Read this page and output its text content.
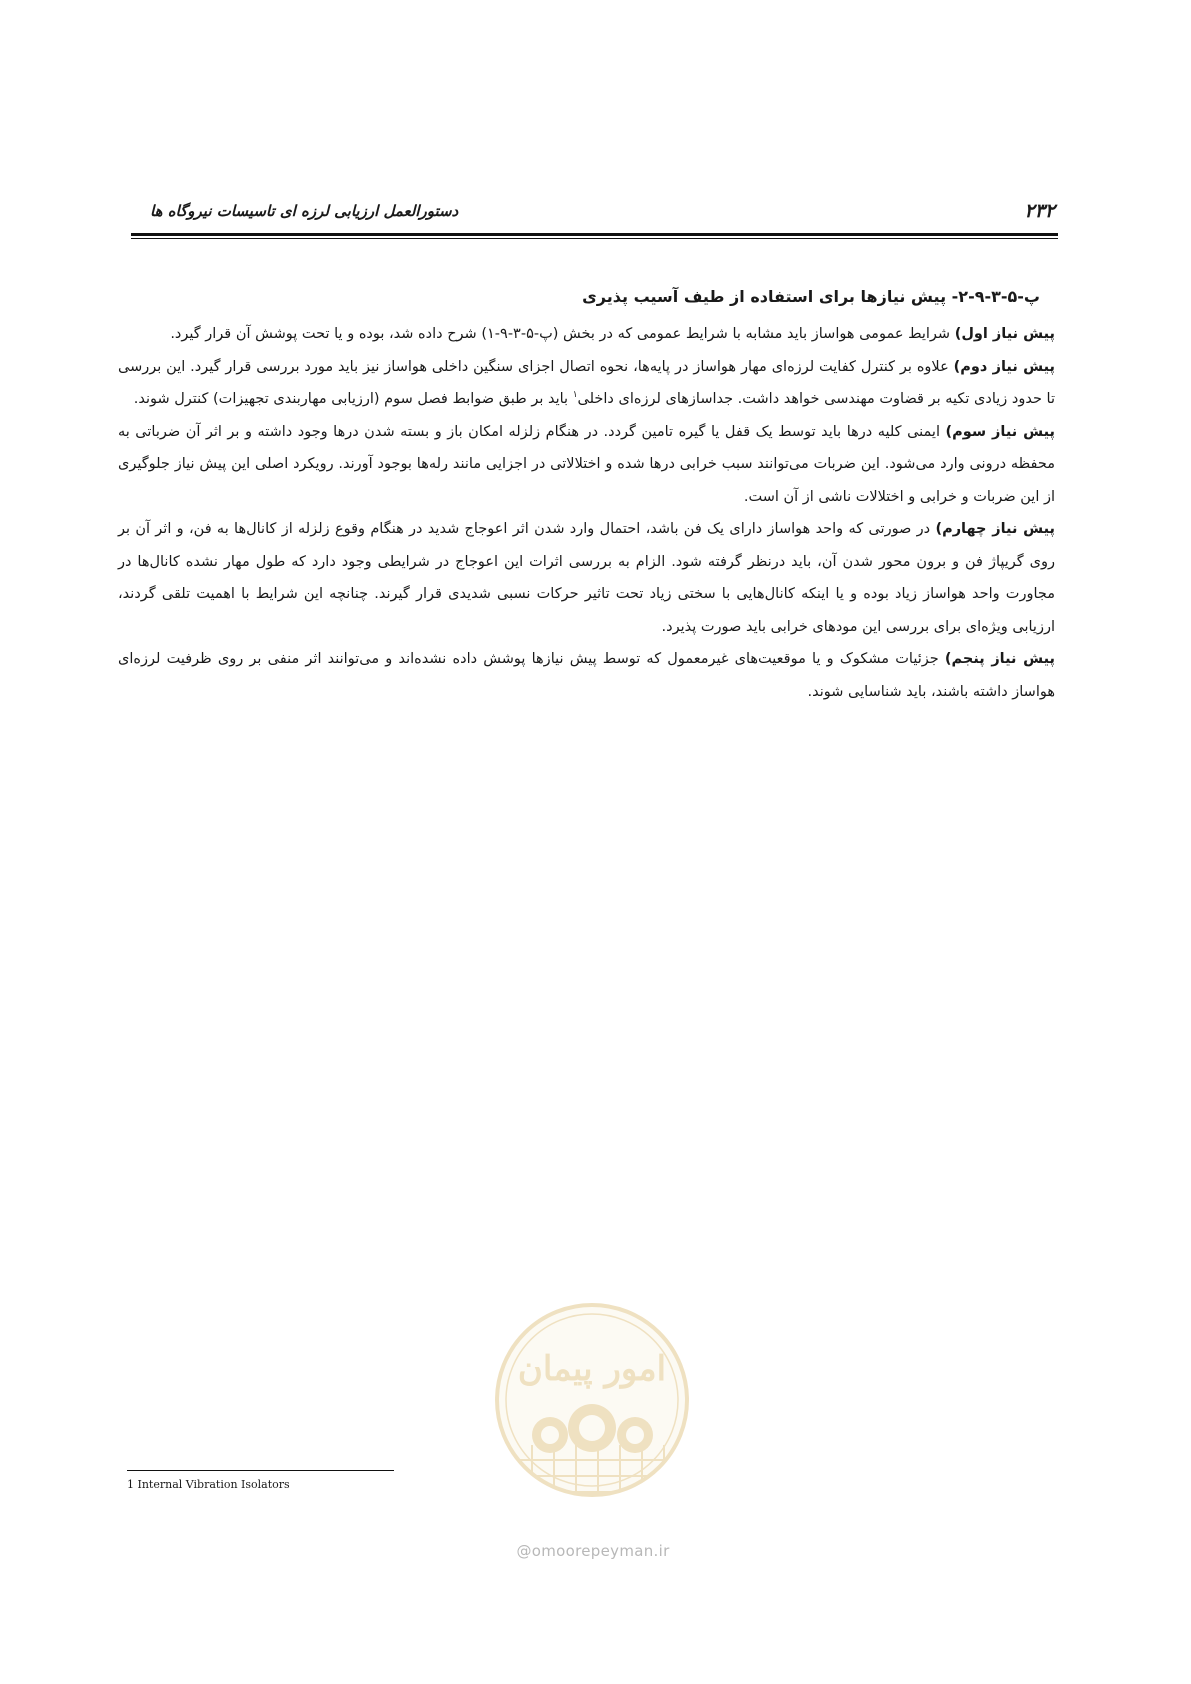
۲۳۲
دستورالعمل ارزیابی لرزه ای تاسیسات نیروگاه ها
پ-۵-۳-۹-۲- پیش نیازها برای استفاده از طیف آسیب پذیری

پیش نیاز اول) شرایط عمومی هواساز باید مشابه با شرایط عمومی که در بخش (پ-۵-۳-۹-۱) شرح داده شد، بوده و یا تحت پوشش آن قرار گیرد.

پیش نیاز دوم) علاوه بر کنترل کفایت لرزه‌ای مهار هواساز در پایه‌ها، نحوه اتصال اجزای سنگین داخلی هواساز نیز باید مورد بررسی قرار گیرد. این بررسی تا حدود زیادی تکیه بر قضاوت مهندسی خواهد داشت. جداسازهای لرزه‌ای داخلی$^۱$ باید بر طبق ضوابط فصل سوم (ارزیابی مهاربندی تجهیزات) کنترل شوند.

پیش نیاز سوم) ایمنی کلیه درها باید توسط یک قفل یا گیره تامین گردد. در هنگام زلزله امکان باز و بسته شدن درها وجود داشته و بر اثر آن ضرباتی به محفظه درونی وارد می‌شود. این ضربات می‌توانند سبب خرابی درها شده و اختلالاتی در اجزایی مانند رله‌ها بوجود آورند. رویکرد اصلی این پیش نیاز جلوگیری از این ضربات و خرابی و اختلالات ناشی از آن است.

پیش نیاز چهارم) در صورتی که واحد هواساز دارای یک فن باشد، احتمال وارد شدن اثر اعوجاج شدید در هنگام وقوع زلزله از کانال‌ها به فن، و اثر آن بر روی گریپاژ فن و برون محور شدن آن، باید درنظر گرفته شود. الزام به بررسی اثرات این اعوجاج در شرایطی وجود دارد که طول مهار نشده کانال‌ها در مجاورت واحد هواساز زیاد بوده و یا اینکه کانال‌هایی با سختی زیاد تحت تاثیر حرکات نسبی شدیدی قرار گیرند. چنانچه این شرایط با اهمیت تلقی گردند، ارزیابی ویژه‌ای برای بررسی این مودهای خرابی باید صورت پذیرد.

پیش نیاز پنجم) جزئیات مشکوک و یا موقعیت‌های غیرمعمول که توسط پیش نیازها پوشش داده نشده‌اند و می‌توانند اثر منفی بر روی ظرفیت لرزه‌ای هواساز داشته باشند، باید شناسایی شوند.

امور پیمان
@omoorepeyman.ir
1 Internal Vibration Isolators
